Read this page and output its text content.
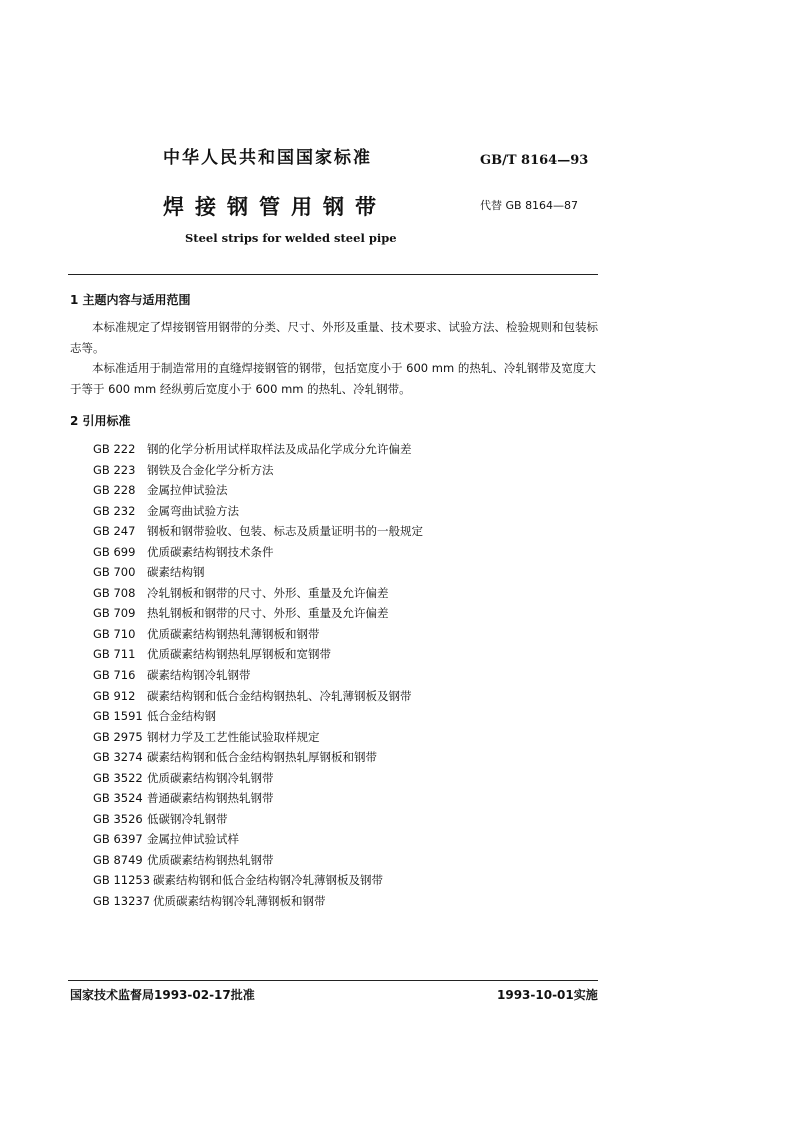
中华人民共和国国家标准	GB/T 8164—93
焊接钢管用钢带	代替 GB 8164—87
Steel strips for welded steel pipe
1 主题内容与适用范围
本标准规定了焊接钢管用钢带的分类、尺寸、外形及重量、技术要求、试验方法、检验规则和包装标
志等。
本标准适用于制造常用的直缝焊接钢管的钢带，包括宽度小于 600 mm 的热轧、冷轧钢带及宽度大
于等于 600 mm 经纵剪后宽度小于 600 mm 的热轧、冷轧钢带。
2 引用标准
GB 222 钢的化学分析用试样取样法及成品化学成分允许偏差
GB 223 钢铁及合金化学分析方法
GB 228 金属拉伸试验法
GB 232 金属弯曲试验方法
GB 247 钢板和钢带验收、包装、标志及质量证明书的一般规定
GB 699 优质碳素结构钢技术条件
GB 700 碳素结构钢
GB 708 冷轧钢板和钢带的尺寸、外形、重量及允许偏差
GB 709 热轧钢板和钢带的尺寸、外形、重量及允许偏差
GB 710 优质碳素结构钢热轧薄钢板和钢带
GB 711 优质碳素结构钢热轧厚钢板和宽钢带
GB 716 碳素结构钢冷轧钢带
GB 912 碳素结构钢和低合金结构钢热轧、冷轧薄钢板及钢带
GB 1591 低合金结构钢
GB 2975 钢材力学及工艺性能试验取样规定
GB 3274 碳素结构钢和低合金结构钢热轧厚钢板和钢带
GB 3522 优质碳素结构钢冷轧钢带
GB 3524 普通碳素结构钢热轧钢带
GB 3526 低碳钢冷轧钢带
GB 6397 金属拉伸试验试样
GB 8749 优质碳素结构钢热轧钢带
GB 11253 碳素结构钢和低合金结构钢冷轧薄钢板及钢带
GB 13237 优质碳素结构钢冷轧薄钢板和钢带
国家技术监督局1993-02-17批准	1993-10-01实施
